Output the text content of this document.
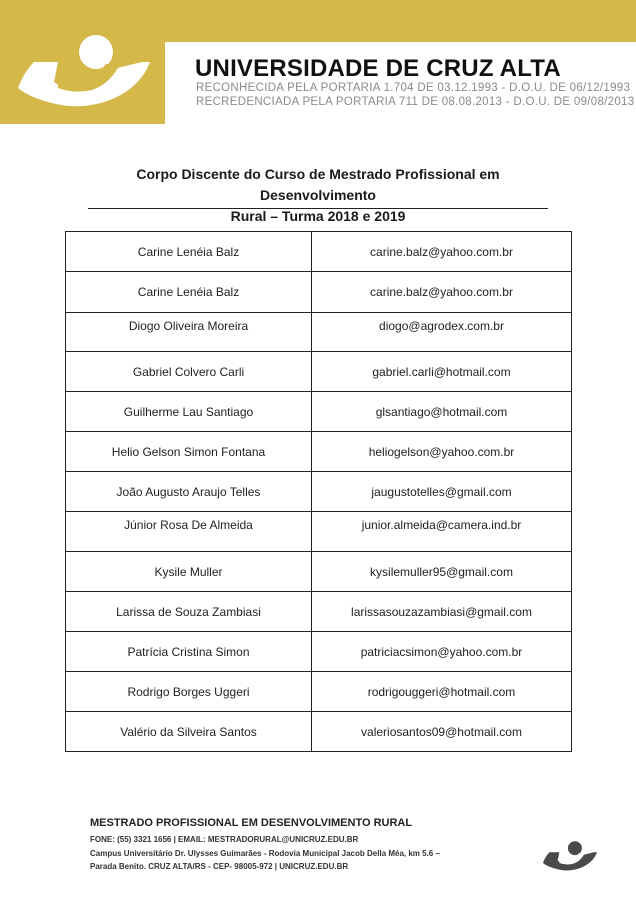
UNIVERSIDADE DE CRUZ ALTA
RECONHECIDA PELA PORTARIA 1.704 DE 03.12.1993 - D.O.U. DE 06/12/1993
RECREDENCIADA PELA PORTARIA 711 DE 08.08.2013 - D.O.U. DE 09/08/2013
Corpo Discente do Curso de Mestrado Profissional em Desenvolvimento
Rural – Turma 2018 e 2019
Carine Lenéia Balz	carine.balz@yahoo.com.br
Carine Lenéia Balz	carine.balz@yahoo.com.br
Diogo Oliveira Moreira	diogo@agrodex.com.br
Gabriel Colvero Carli	gabriel.carli@hotmail.com
Guilherme Lau Santiago	glsantiago@hotmail.com
Helio Gelson Simon Fontana	heliogelson@yahoo.com.br
João Augusto Araujo Telles	jaugustotelles@gmail.com
Júnior Rosa De Almeida	junior.almeida@camera.ind.br
Kysile Muller	kysilemuller95@gmail.com
Larissa de Souza Zambiasi	larissasouzazambiasi@gmail.com
Patrícia Cristina Simon	patriciacsimon@yahoo.com.br
Rodrigo Borges Uggeri	rodrigouggeri@hotmail.com
Valério da Silveira Santos	valeriosantos09@hotmail.com
MESTRADO PROFISSIONAL EM DESENVOLVIMENTO RURAL
FONE: (55) 3321 1656 | EMAIL: MESTRADORURAL@UNICRUZ.EDU.BR
Campus Universitário Dr. Ulysses Guimarães - Rodovia Municipal Jacob Della Méa, km 5.6 –
Parada Benito. CRUZ ALTA/RS - CEP- 98005-972 | UNICRUZ.EDU.BR
